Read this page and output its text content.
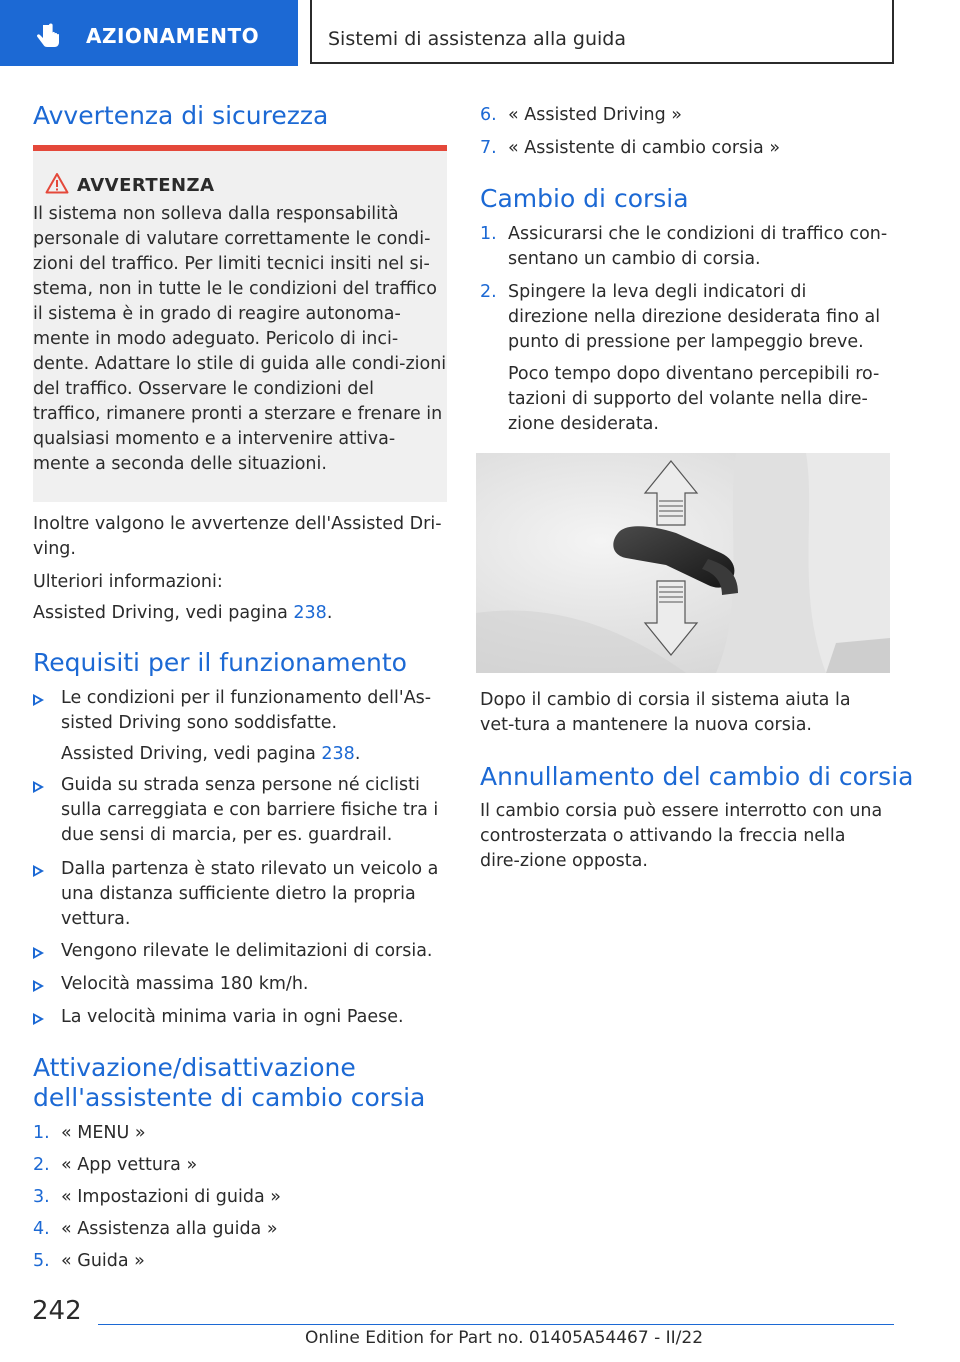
AZIONAMENTO	Sistemi di assistenza alla guida
Avvertenza di sicurezza
AVVERTENZA

Il sistema non solleva dalla responsabilità personale di valutare correttamente le condi-zioni del traffico. Per limiti tecnici insiti nel si-stema, non in tutte le le condizioni del traffico il sistema è in grado di reagire autonoma-mente in modo adeguato. Pericolo di inci-dente. Adattare lo stile di guida alle condi-zioni del traffico. Osservare le condizioni del traffico, rimanere pronti a sterzare e frenare in qualsiasi momento e a intervenire attiva-mente a seconda delle situazioni.

Inoltre valgono le avvertenze dell'Assisted Dri-ving.

Ulteriori informazioni:

Assisted Driving, vedi pagina 238.

Requisiti per il funzionamento
Le condizioni per il funzionamento dell'As-sisted Driving sono soddisfatte.

Assisted Driving, vedi pagina 238.

Guida su strada senza persone né ciclisti sulla carreggiata e con barriere fisiche tra i due sensi di marcia, per es. guardrail.
Dalla partenza è stato rilevato un veicolo a una distanza sufficiente dietro la propria vettura.
Vengono rilevate le delimitazioni di corsia.
Velocità massima 180 km/h.
La velocità minima varia in ogni Paese.
Attivazione/disattivazione
dell'assistente di cambio corsia
1. « MENU »
2. « App vettura »
3. « Impostazioni di guida »
4. « Assistenza alla guida »
5. « Guida »
6. « Assisted Driving »
7. « Assistente di cambio corsia »
Cambio di corsia
1. Assicurarsi che le condizioni di traffico con-sentano un cambio di corsia.
2. Spingere la leva degli indicatori di direzione nella direzione desiderata fino al punto di pressione per lampeggio breve.

Poco tempo dopo diventano percepibili ro-tazioni di supporto del volante nella dire-zione desiderata.

Dopo il cambio di corsia il sistema aiuta la vet-tura a mantenere la nuova corsia.

Annullamento del cambio di corsia

Il cambio corsia può essere interrotto con una controsterzata o attivando la freccia nella dire-zione opposta.

242
Online Edition for Part no. 01405A54467 - II/22
